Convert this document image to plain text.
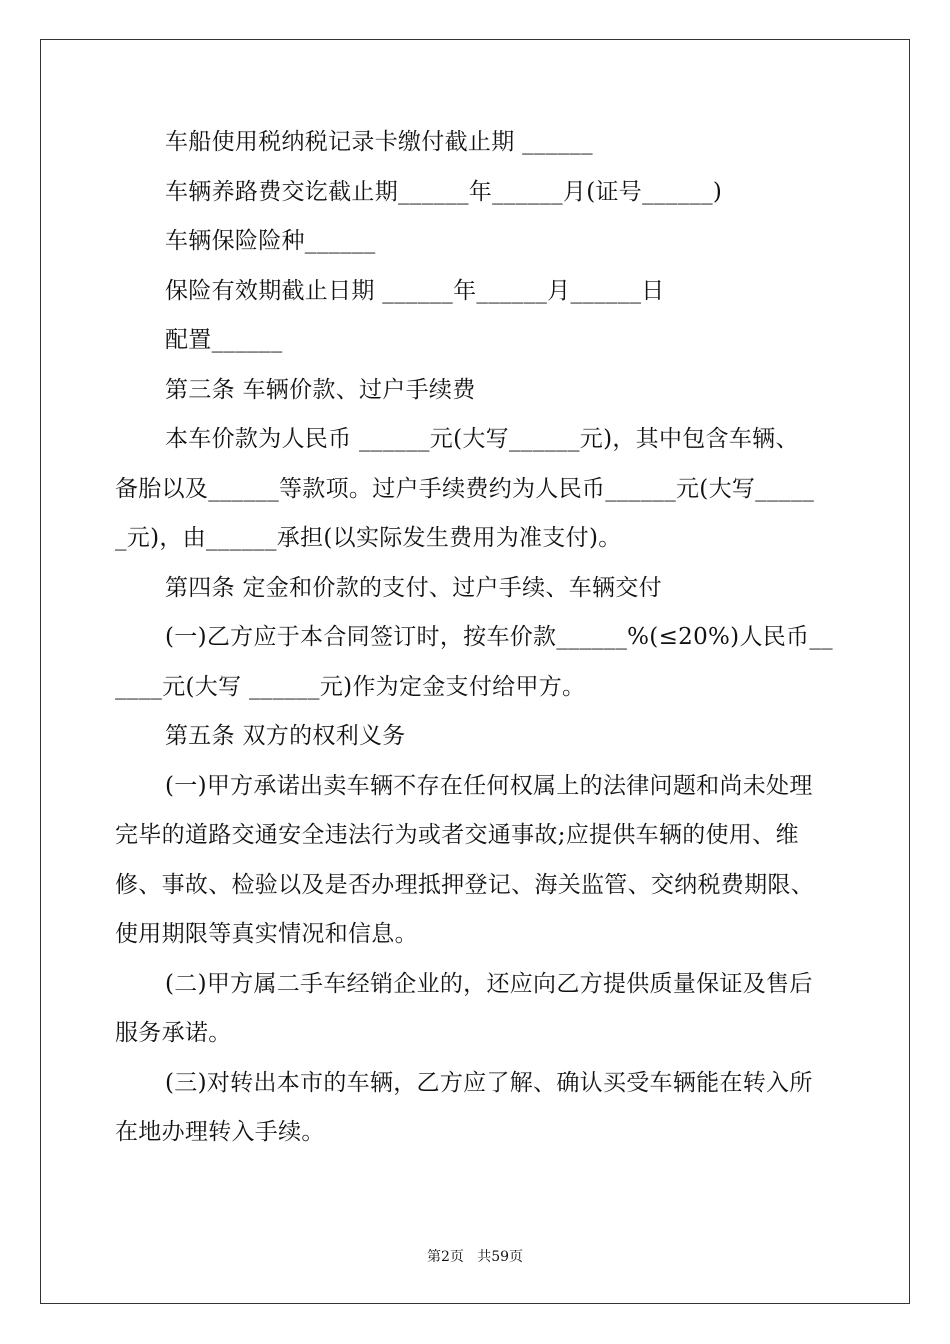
车船使用税纳税记录卡缴付截止期 ______
车辆养路费交讫截止期______年______月(证号______)
车辆保险险种______
保险有效期截止日期 ______年______月______日
配置______
第三条 车辆价款、过户手续费
本车价款为人民币 ______元(大写______元)，其中包含车辆、
备胎以及______等款项。过户手续费约为人民币______元(大写_____
_元)，由______承担(以实际发生费用为准支付)。
第四条 定金和价款的支付、过户手续、车辆交付
(一)乙方应于本合同签订时，按车价款______%(≤20%)人民币__
____元(大写 ______元)作为定金支付给甲方。
第五条 双方的权利义务
(一)甲方承诺出卖车辆不存在任何权属上的法律问题和尚未处理
完毕的道路交通安全违法行为或者交通事故;应提供车辆的使用、维
修、事故、检验以及是否办理抵押登记、海关监管、交纳税费期限、
使用期限等真实情况和信息。
(二)甲方属二手车经销企业的，还应向乙方提供质量保证及售后
服务承诺。
(三)对转出本市的车辆，乙方应了解、确认买受车辆能在转入所
在地办理转入手续。
第2页   共59页
